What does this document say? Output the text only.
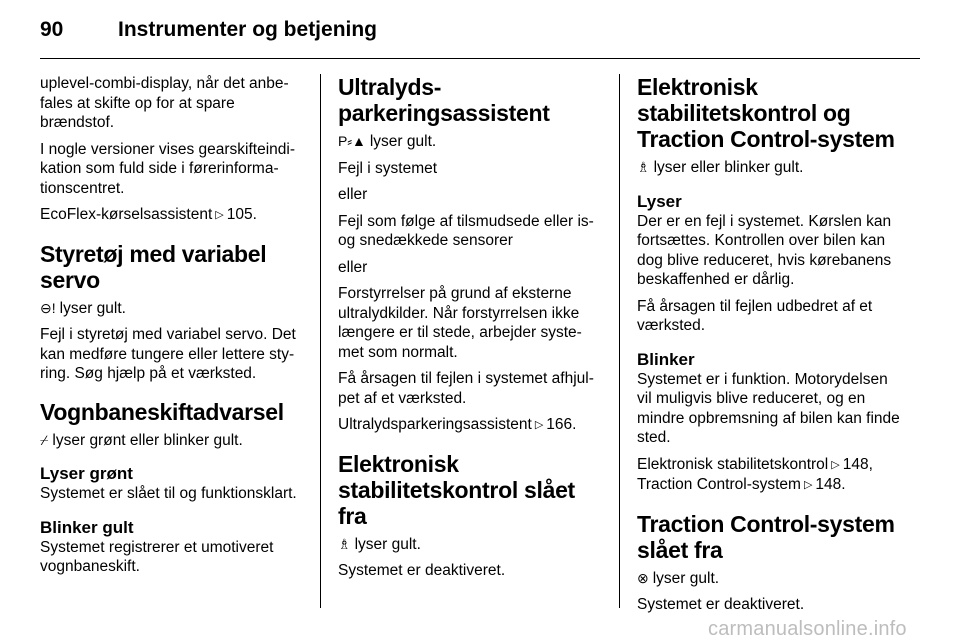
90	Instrumenter og betjening

uplevel-combi-display, når det anbe-fales at skifte op for at spare brændstof.

I nogle versioner vises gearskifteindi-kation som fuld side i førerinforma-tionscentret.

EcoFlex-kørselsassistent ▷ 105.

Styretøj med variabel servo

⊖! lyser gult.

Fejl i styretøj med variabel servo. Det kan medføre tungere eller lettere sty-ring. Søg hjælp på et værksted.

Vognbaneskiftadvarsel

⌿ lyser grønt eller blinker gult.

Lyser grønt

Systemet er slået til og funktionsklart.

Blinker gult

Systemet registrerer et umotiveret vognbaneskift.

Ultralyds-parkeringsassistent

P⸗▲ lyser gult.

Fejl i systemet

eller

Fejl som følge af tilsmudsede eller is-og snedækkede sensorer

eller

Forstyrrelser på grund af eksterne ultralydkilder. Når forstyrrelsen ikke længere er til stede, arbejder syste-met som normalt.

Få årsagen til fejlen i systemet afhjul-pet af et værksted.

Ultralydsparkeringsassistent ▷ 166.

Elektronisk stabilitetskontrol slået fra

♗ lyser gult.

Systemet er deaktiveret.

Elektronisk stabilitetskontrol og Traction Control-system

♗ lyser eller blinker gult.

Lyser

Der er en fejl i systemet. Kørslen kan fortsættes. Kontrollen over bilen kan dog blive reduceret, hvis kørebanens beskaffenhed er dårlig.

Få årsagen til fejlen udbedret af et værksted.

Blinker

Systemet er i funktion. Motorydelsen vil muligvis blive reduceret, og en mindre opbremsning af bilen kan finde sted.

Elektronisk stabilitetskontrol ▷ 148,
Traction Control-system ▷ 148.

Traction Control-system slået fra

⊗ lyser gult.

Systemet er deaktiveret.

carmanualsonline.info
